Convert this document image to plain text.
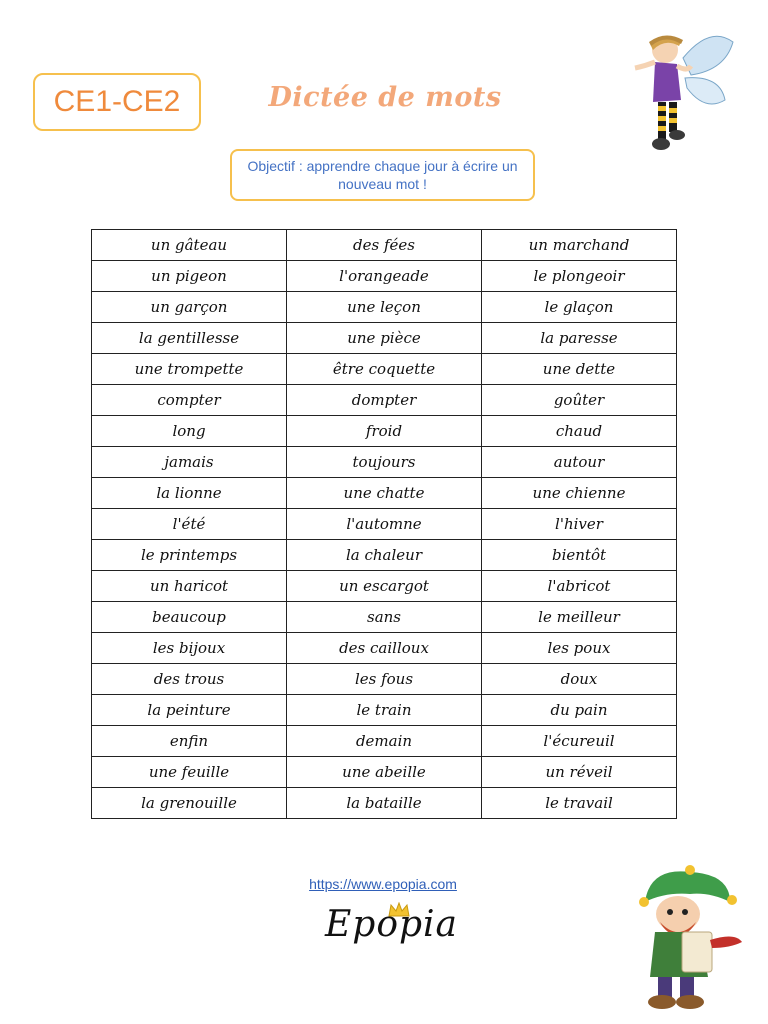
CE1-CE2	Dictée de mots
Objectif : apprendre chaque jour à écrire un nouveau mot !
un gâteau	des fées	un marchand
un pigeon	l'orangeade	le plongeoir
un garçon	une leçon	le glaçon
la gentillesse	une pièce	la paresse
une trompette	être coquette	une dette
compter	dompter	goûter
long	froid	chaud
jamais	toujours	autour
la lionne	une chatte	une chienne
l'été	l'automne	l'hiver
le printemps	la chaleur	bientôt
un haricot	un escargot	l'abricot
beaucoup	sans	le meilleur
les bijoux	des cailloux	les poux
des trous	les fous	doux
la peinture	le train	du pain
enfin	demain	l'écureuil
une feuille	une abeille	un réveil
la grenouille	la bataille	le travail
https://www.epopia.com
Epopia
